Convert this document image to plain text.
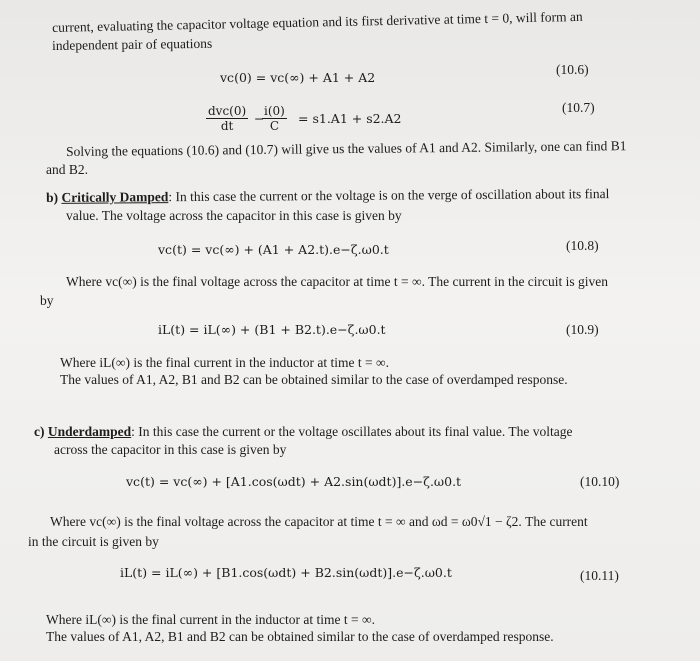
current, evaluating the capacitor voltage equation and its first derivative at time t = 0, will form an
independent pair of equations
vc(0) = vc(∞) + A1 + A2
(10.6)
dvc(0)
dt	−
$\frac{i(0)}{C} = s1.A1 + s2.A2$
(10.7)
Solving the equations (10.6) and (10.7) will give us the values of A1 and A2. Similarly, one can find B1
and B2.
b) Critically Damped: In this case the current or the voltage is on the verge of oscillation about its final
value. The voltage across the capacitor in this case is given by
vc(t) = vc(∞) + (A1 + A2.t).e−ζ.ω0.t	(10.8)
Where vc(∞) is the final voltage across the capacitor at time t = ∞. The current in the circuit is given
by
iL(t) = iL(∞) + (B1 + B2.t).e−ζ.ω0.t	(10.9)
Where iL(∞) is the final current in the inductor at time t = ∞.
The values of A1, A2, B1 and B2 can be obtained similar to the case of overdamped response.
c) Underdamped: In this case the current or the voltage oscillates about its final value. The voltage
across the capacitor in this case is given by
vc(t) = vc(∞) + [A1.cos(ωdt) + A2.sin(ωdt)].e−ζ.ω0.t	(10.10)
Where vc(∞) is the final voltage across the capacitor at time t = ∞ and ωd = ω0√1 − ζ2. The current
in the circuit is given by
iL(t) = iL(∞) + [B1.cos(ωdt) + B2.sin(ωdt)].e−ζ.ω0.t	(10.11)
Where iL(∞) is the final current in the inductor at time t = ∞.
The values of A1, A2, B1 and B2 can be obtained similar to the case of overdamped response.
